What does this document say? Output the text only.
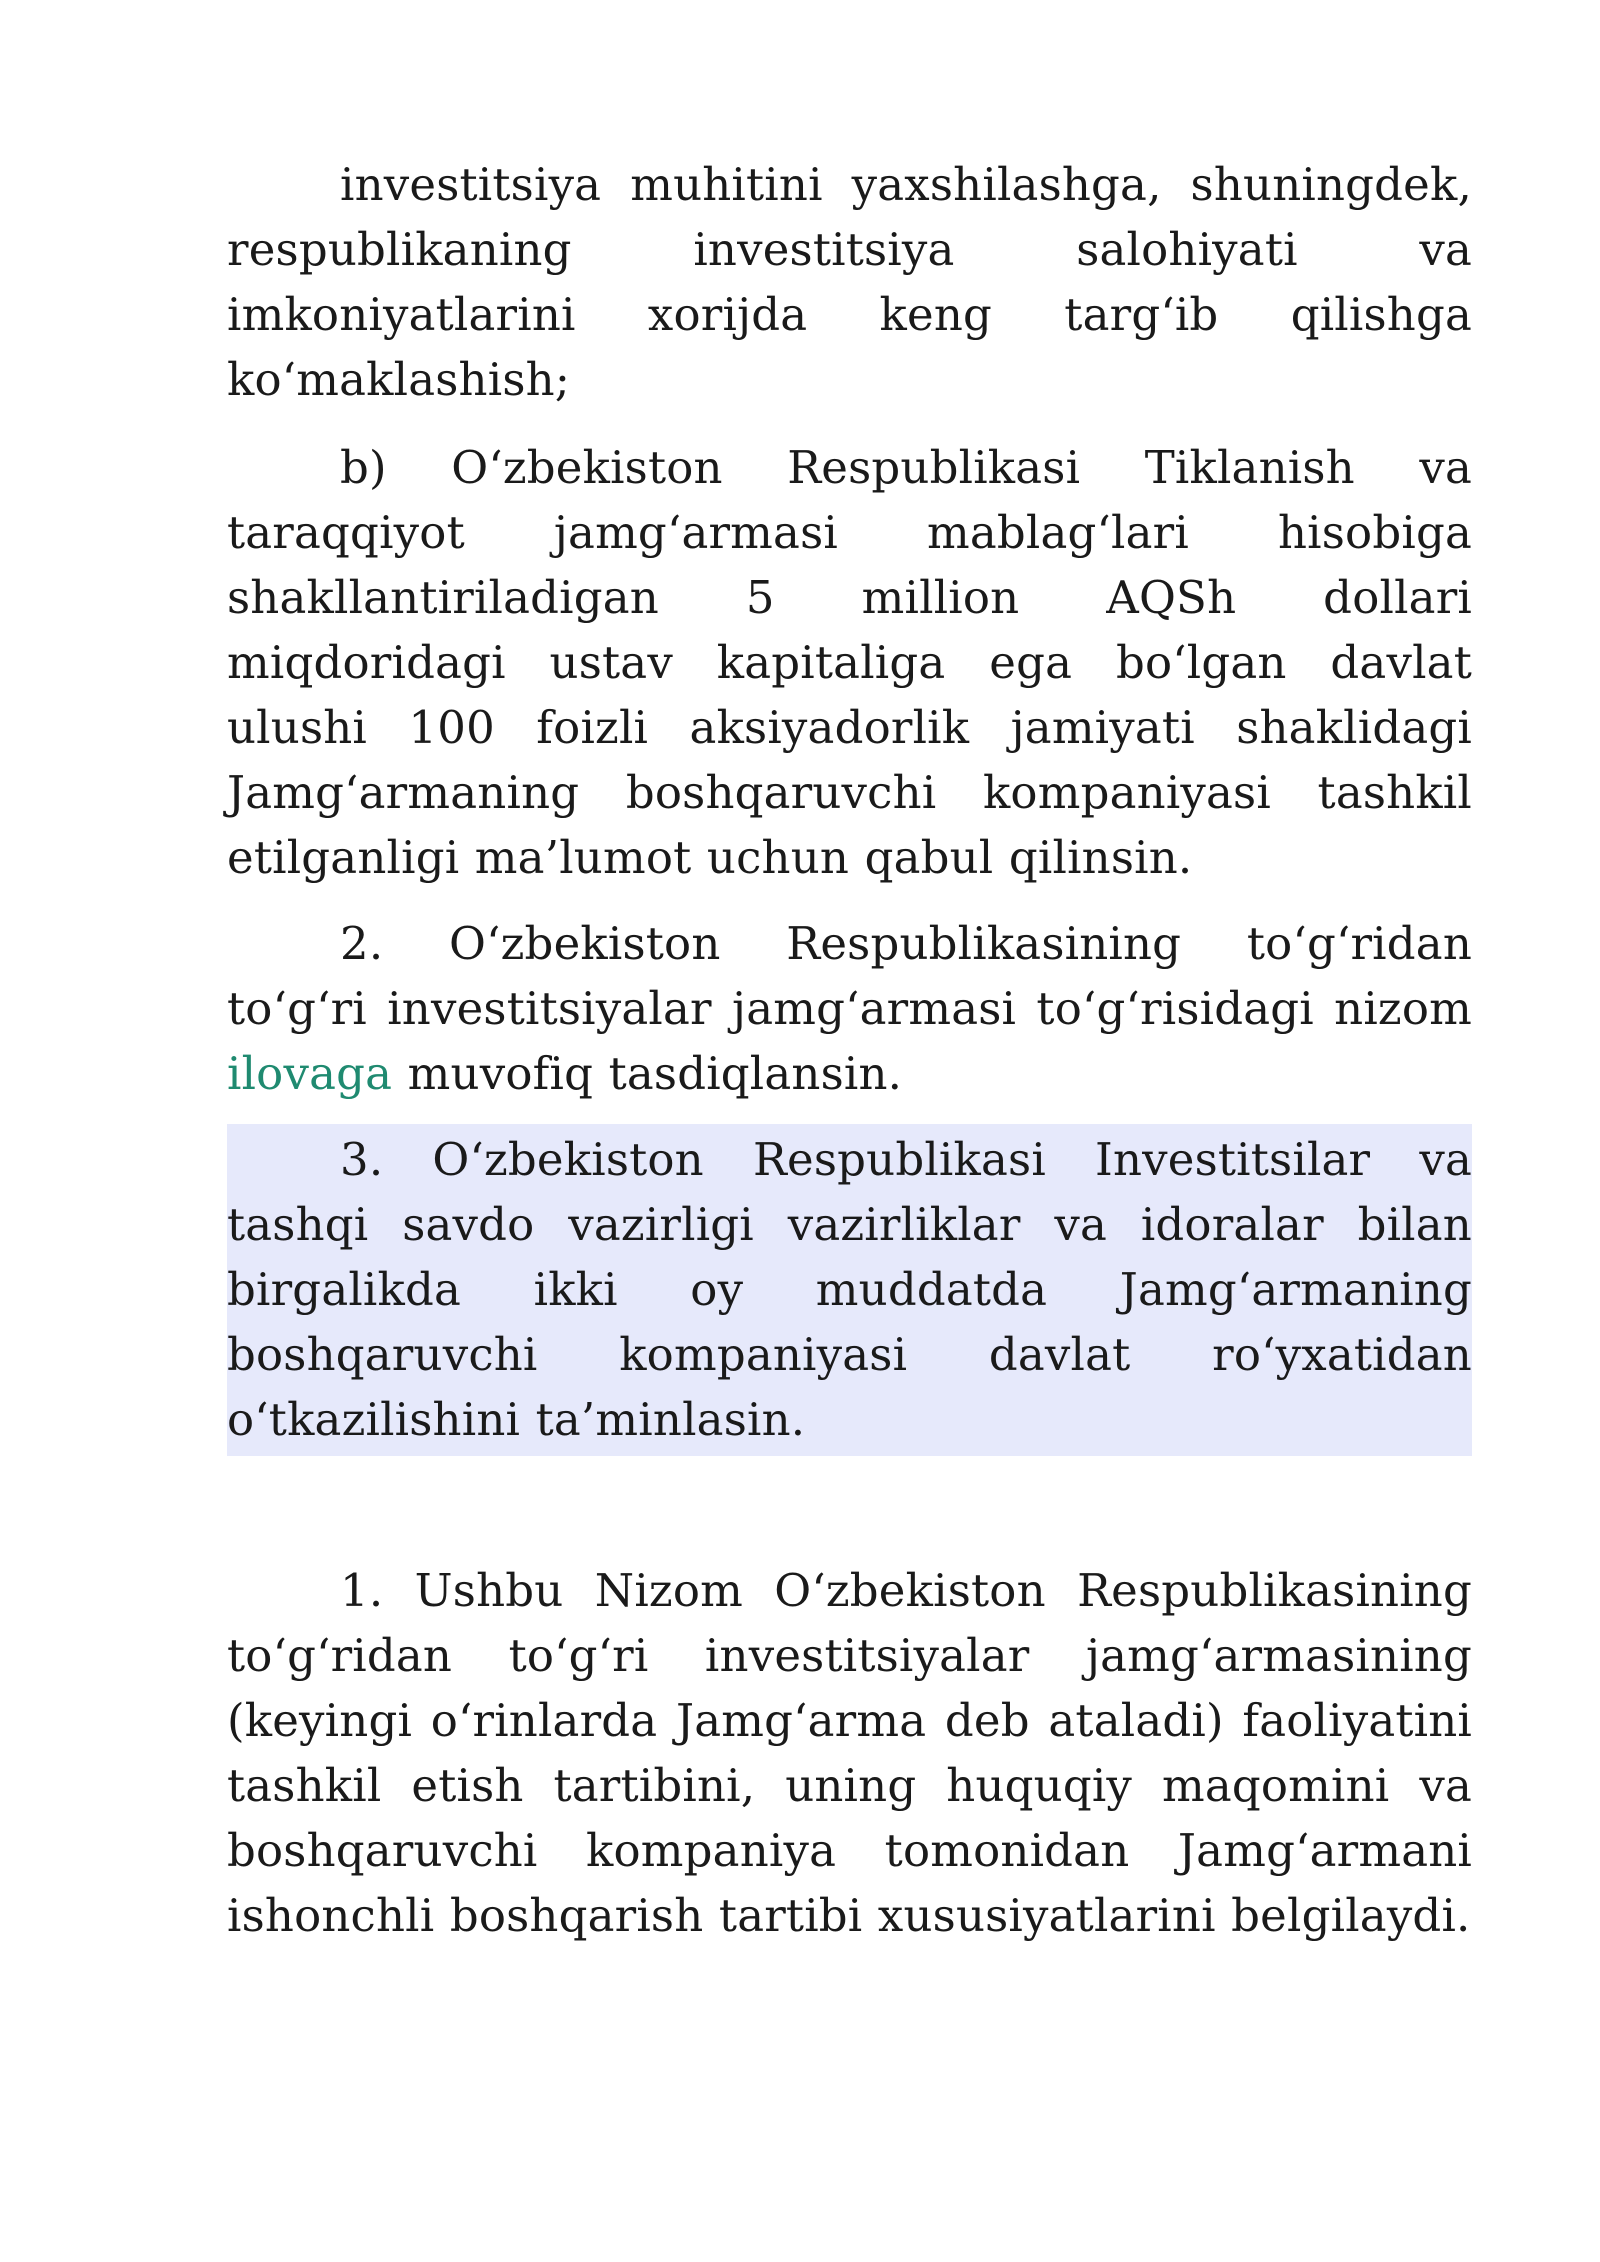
investitsiya muhitini yaxshilashga, shuningdek, respublikaning investitsiya salohiyati va imkoniyatlarini xorijda keng targ‘ib qilishga ko‘maklashish;

b) O‘zbekiston Respublikasi Tiklanish va taraqqiyot jamg‘armasi mablag‘lari hisobiga shakllantiriladigan 5 million AQSh dollari miqdoridagi ustav kapitaliga ega bo‘lgan davlat ulushi 100 foizli aksiyadorlik jamiyati shaklidagi Jamg‘armaning boshqaruvchi kompaniyasi tashkil etilganligi ma’lumot uchun qabul qilinsin.

2. O‘zbekiston Respublikasining to‘g‘ridan to‘g‘ri investitsiyalar jamg‘armasi to‘g‘risidagi nizom ilovaga muvofiq tasdiqlansin.

3. O‘zbekiston Respublikasi Investitsilar va tashqi savdo vazirligi vazirliklar va idoralar bilan birgalikda ikki oy muddatda Jamg‘armaning boshqaruvchi kompaniyasi davlat ro‘yxatidan o‘tkazilishini ta’minlasin.

1. Ushbu Nizom O‘zbekiston Respublikasining to‘g‘ridan to‘g‘ri investitsiyalar jamg‘armasining (keyingi o‘rinlarda Jamg‘arma deb ataladi) faoliyatini tashkil etish tartibini, uning huquqiy maqomini va boshqaruvchi kompaniya tomonidan Jamg‘armani ishonchli boshqarish tartibi xususiyatlarini belgilaydi.
